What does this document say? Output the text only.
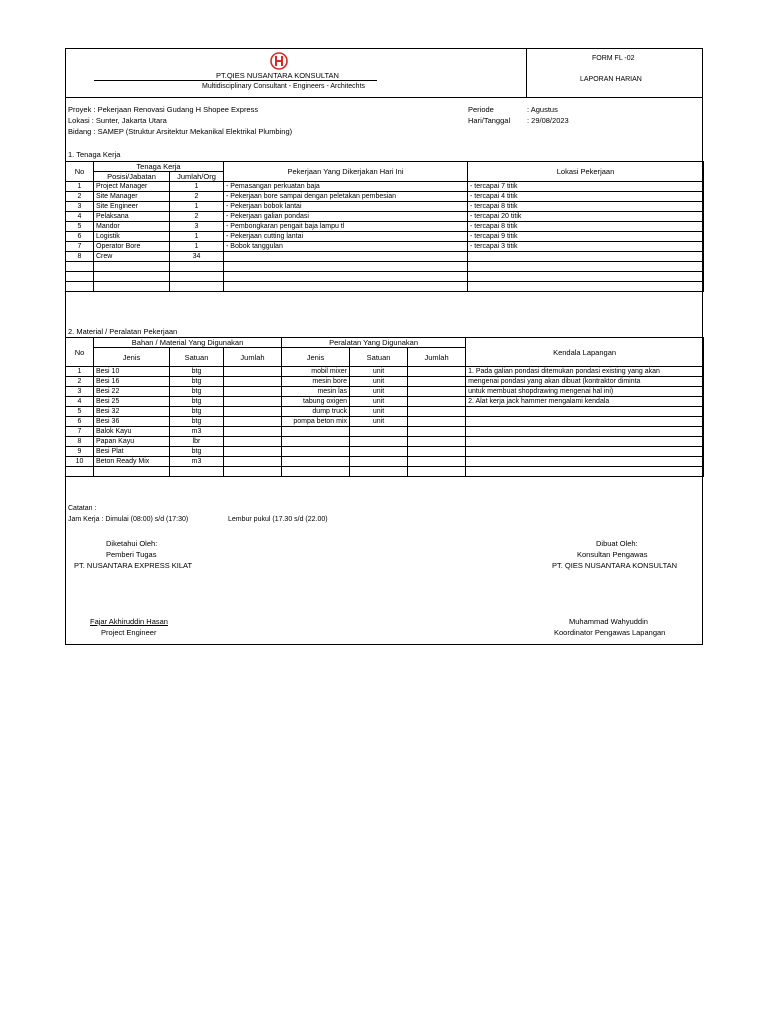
PT.QIES NUSANTARA KONSULTAN
Multidisciplinary Consultant - Engineers - Architechts
FORM FL -02
LAPORAN HARIAN
Proyek : Pekerjaan Renovasi Gudang H Shopee Express
Lokasi : Sunter, Jakarta Utara
Bidang : SAMEP (Struktur Arsitektur Mekanikal Elektrikal Plumbing)
Periode	: Agustus
Hari/Tanggal : 29/08/2023
1. Tenaga Kerja
No	Tenaga Kerja		Pekerjaan Yang Dikerjakan Hari Ini	Lokasi Pekerjaan
	Posisi/Jabatan	Jumlah/Org		
1	Project Manager	1	- Pemasangan perkuatan baja	- tercapai 7 titik
2	Site Manager	2	- Pekerjaan bore sampai dengan peletakan pembesian	- tercapai 4 titik
3	Site Engineer	1	- Pekerjaan bobok lantai	- tercapai 8 titik
4	Pelaksana	2	- Pekerjaan galian pondasi	- tercapai 20 titik
5	Mandor	3	- Pembongkaran pengait baja lampu tl	- tercapai 8 titik
6	Logistik	1	- Pekerjaan cutting lantai	- tercapai 9 titik
7	Operator Bore	1	- Bobok tanggulan	- tercapai 3 titik
8	Crew	34		

2. Material / Peralatan Pekerjaan
No	Bahan / Material Yang Digunakan			Peralatan Yang Digunakan			Kendala Lapangan
	Jenis	Satuan	Jumlah	Jenis	Satuan	Jumlah	
1	Besi 10	btg		mobil mixer	unit		1. Pada galian pondasi ditemukan pondasi existing yang akan
2	Besi 16	btg		mesin bore	unit		mengenai pondasi yang akan dibuat (kontraktor diminta
3	Besi 22	btg		mesin las	unit		untuk membuat shopdrawing mengenai hal ini)
4	Besi 25	btg		tabung oxigen	unit		2. Alat kerja jack hammer mengalami kendala
5	Besi 32	btg		dump truck	unit		
6	Besi 36	btg		pompa beton mix	unit		
7	Balok Kayu	m3					
8	Papan Kayu	lbr					
9	Besi Plat	btg					
10	Beton Ready Mix	m3					

Catatan :
Jam Kerja : Dimulai (08:00) s/d (17:30)	Lembur pukul (17.30 s/d (22.00)
Diketahui Oleh:
Pemberi Tugas
PT. NUSANTARA EXPRESS KILAT
Fajar Akhiruddin Hasan
Project Engineer
Dibuat Oleh:
Konsultan Pengawas
PT. QIES NUSANTARA KONSULTAN
Muhammad Wahyuddin
Koordinator Pengawas Lapangan
